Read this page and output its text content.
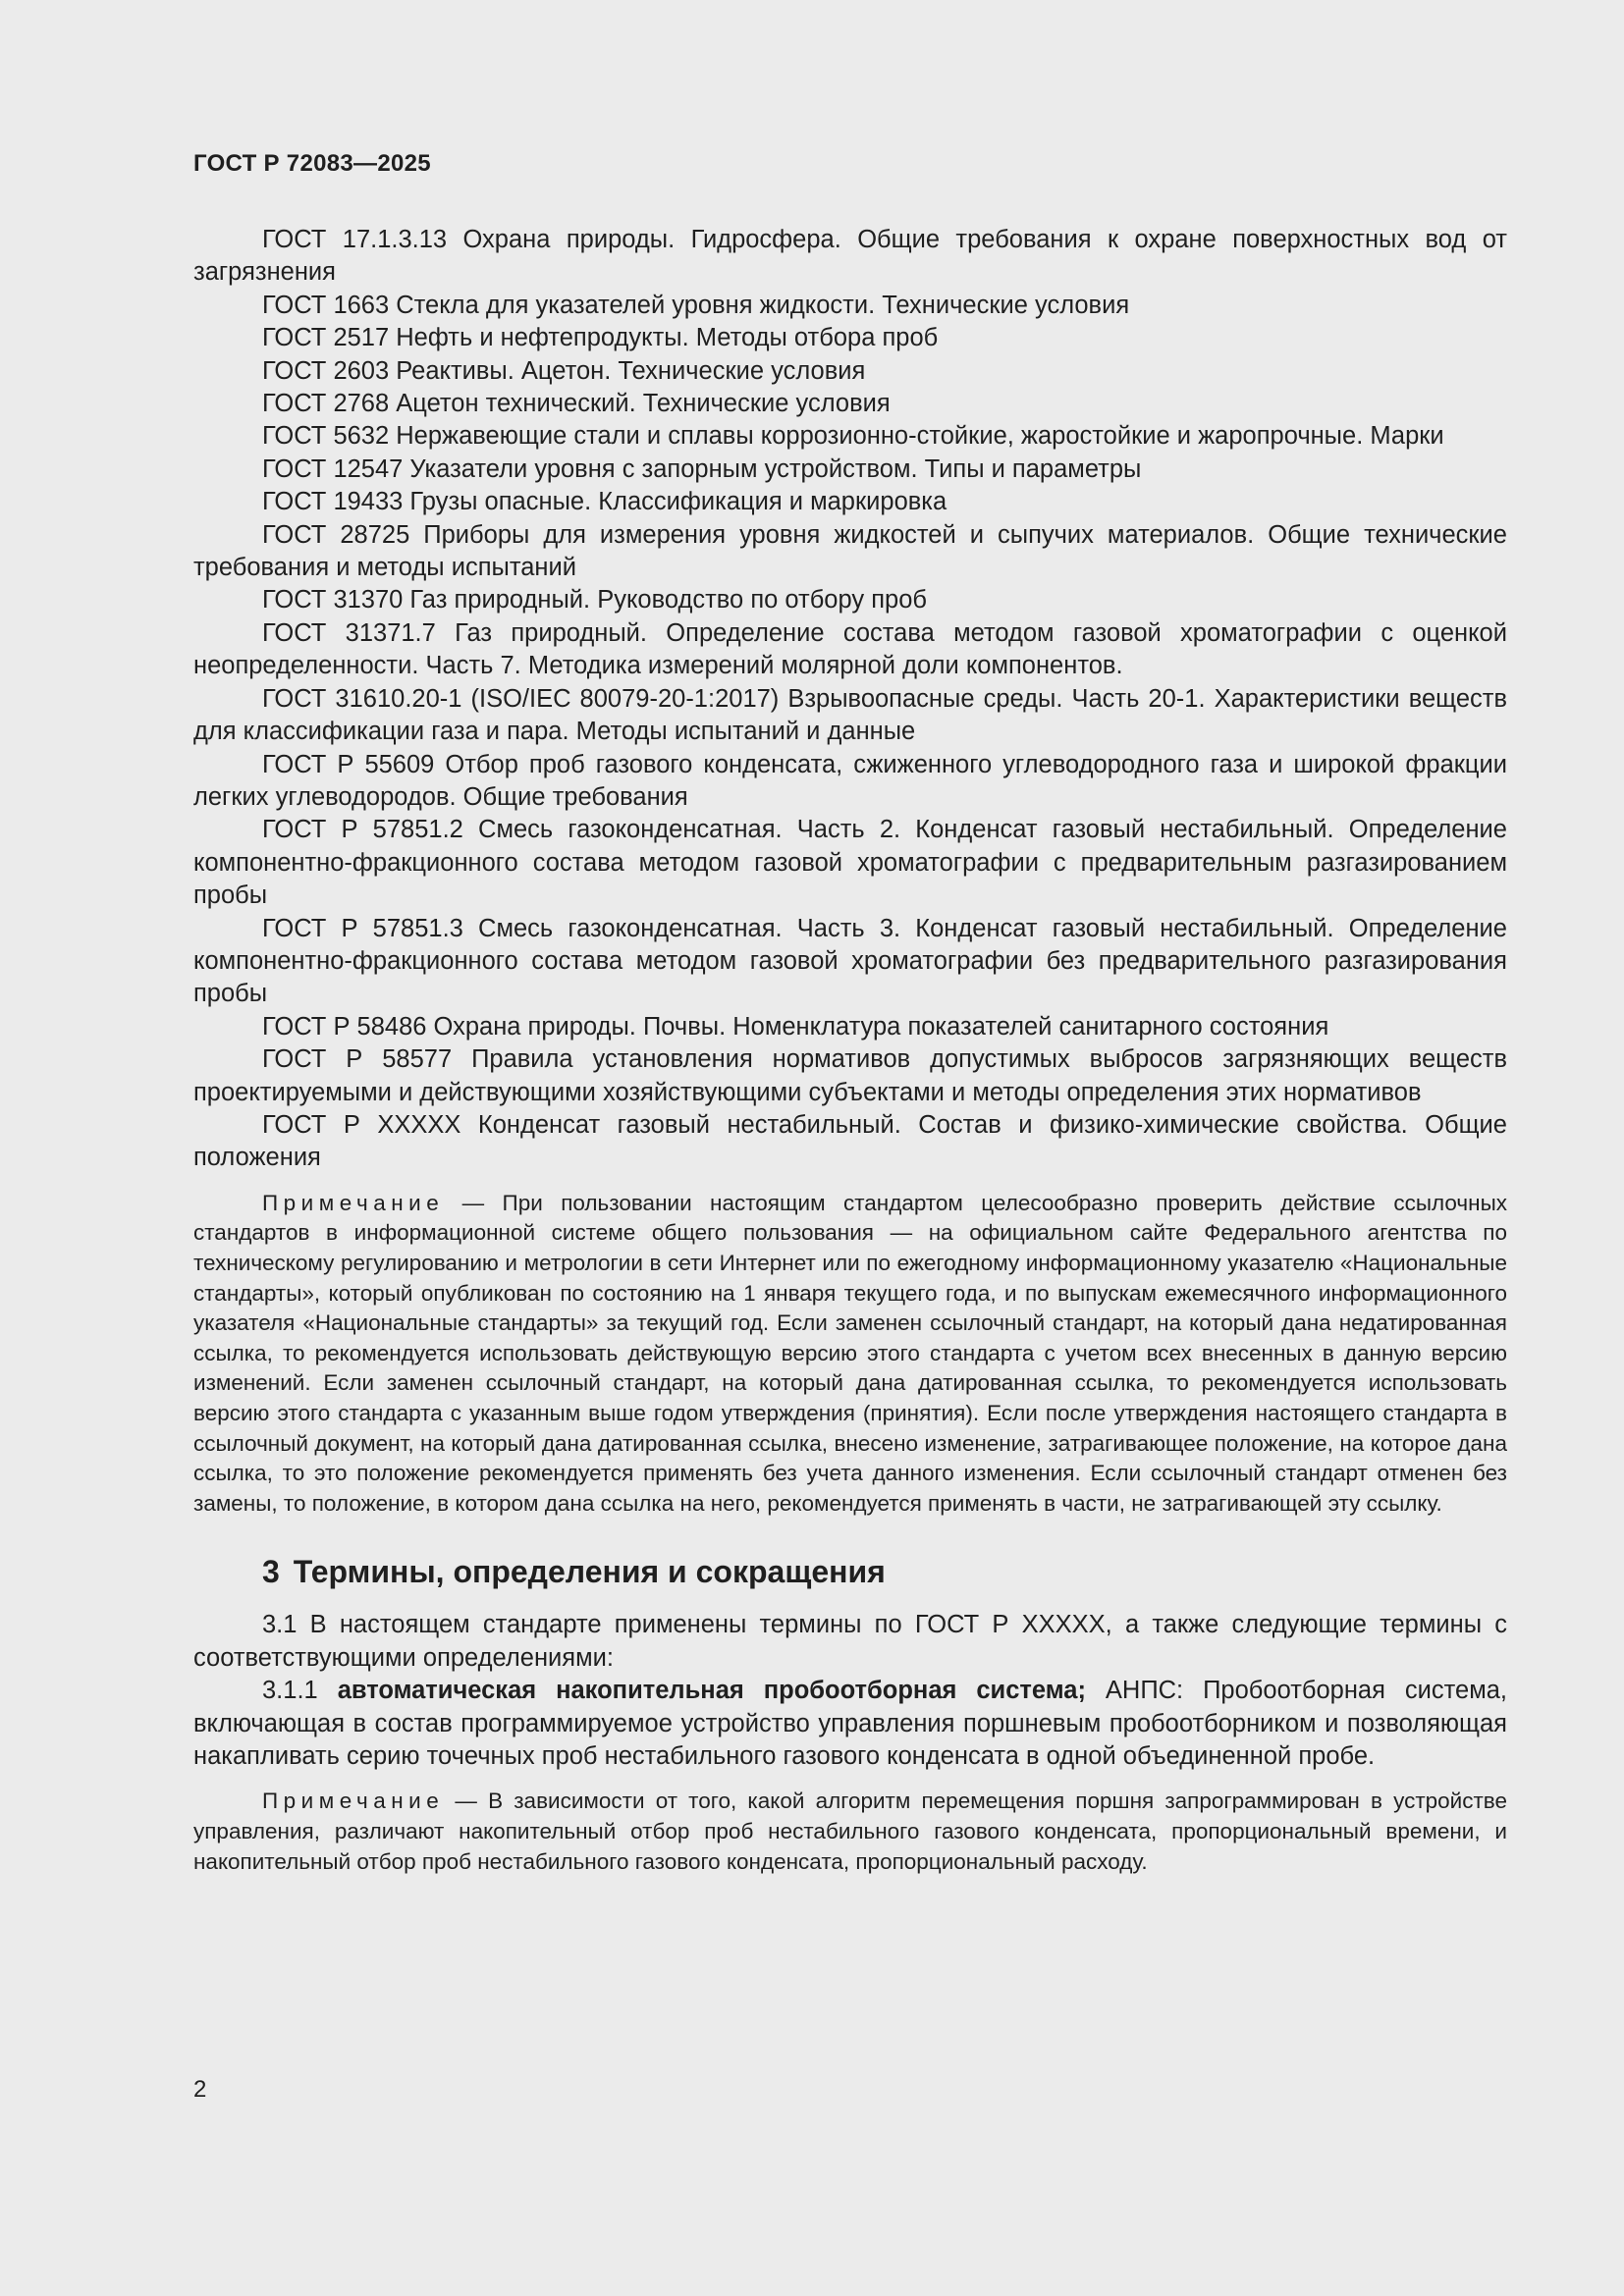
ГОСТ Р 72083—2025

ГОСТ 17.1.3.13 Охрана природы. Гидросфера. Общие требования к охране поверхностных вод от загрязнения

ГОСТ 1663 Стекла для указателей уровня жидкости. Технические условия

ГОСТ 2517 Нефть и нефтепродукты. Методы отбора проб

ГОСТ 2603 Реактивы. Ацетон. Технические условия

ГОСТ 2768 Ацетон технический. Технические условия

ГОСТ 5632 Нержавеющие стали и сплавы коррозионно-стойкие, жаростойкие и жаропрочные. Марки

ГОСТ 12547 Указатели уровня с запорным устройством. Типы и параметры

ГОСТ 19433 Грузы опасные. Классификация и маркировка

ГОСТ 28725 Приборы для измерения уровня жидкостей и сыпучих материалов. Общие технические требования и методы испытаний

ГОСТ 31370 Газ природный. Руководство по отбору проб

ГОСТ 31371.7 Газ природный. Определение состава методом газовой хроматографии с оценкой неопределенности. Часть 7. Методика измерений молярной доли компонентов.

ГОСТ 31610.20-1 (ISO/IEC 80079-20-1:2017) Взрывоопасные среды. Часть 20-1. Характеристики веществ для классификации газа и пара. Методы испытаний и данные

ГОСТ Р 55609 Отбор проб газового конденсата, сжиженного углеводородного газа и широкой фракции легких углеводородов. Общие требования

ГОСТ Р 57851.2 Смесь газоконденсатная. Часть 2. Конденсат газовый нестабильный. Определение компонентно-фракционного состава методом газовой хроматографии с предварительным разгазированием пробы

ГОСТ Р 57851.3 Смесь газоконденсатная. Часть 3. Конденсат газовый нестабильный. Определение компонентно-фракционного состава методом газовой хроматографии без предварительного разгазирования пробы

ГОСТ Р 58486 Охрана природы. Почвы. Номенклатура показателей санитарного состояния

ГОСТ Р 58577 Правила установления нормативов допустимых выбросов загрязняющих веществ проектируемыми и действующими хозяйствующими субъектами и методы определения этих нормативов

ГОСТ Р ХХХХХ Конденсат газовый нестабильный. Состав и физико-химические свойства. Общие положения

Примечание — При пользовании настоящим стандартом целесообразно проверить действие ссылочных стандартов в информационной системе общего пользования — на официальном сайте Федерального агентства по техническому регулированию и метрологии в сети Интернет или по ежегодному информационному указателю «Национальные стандарты», который опубликован по состоянию на 1 января текущего года, и по выпускам ежемесячного информационного указателя «Национальные стандарты» за текущий год. Если заменен ссылочный стандарт, на который дана недатированная ссылка, то рекомендуется использовать действующую версию этого стандарта с учетом всех внесенных в данную версию изменений. Если заменен ссылочный стандарт, на который дана датированная ссылка, то рекомендуется использовать версию этого стандарта с указанным выше годом утверждения (принятия). Если после утверждения настоящего стандарта в ссылочный документ, на который дана датированная ссылка, внесено изменение, затрагивающее положение, на которое дана ссылка, то это положение рекомендуется применять без учета данного изменения. Если ссылочный стандарт отменен без замены, то положение, в котором дана ссылка на него, рекомендуется применять в части, не затрагивающей эту ссылку.

3 Термины, определения и сокращения

3.1 В настоящем стандарте применены термины по ГОСТ Р ХХХХХ, а также следующие термины с соответствующими определениями:

3.1.1 автоматическая накопительная пробоотборная система; АНПС: Пробоотборная система, включающая в состав программируемое устройство управления поршневым пробоотборником и позволяющая накапливать серию точечных проб нестабильного газового конденсата в одной объединенной пробе.

Примечание — В зависимости от того, какой алгоритм перемещения поршня запрограммирован в устройстве управления, различают накопительный отбор проб нестабильного газового конденсата, пропорциональный времени, и накопительный отбор проб нестабильного газового конденсата, пропорциональный расходу.

2
